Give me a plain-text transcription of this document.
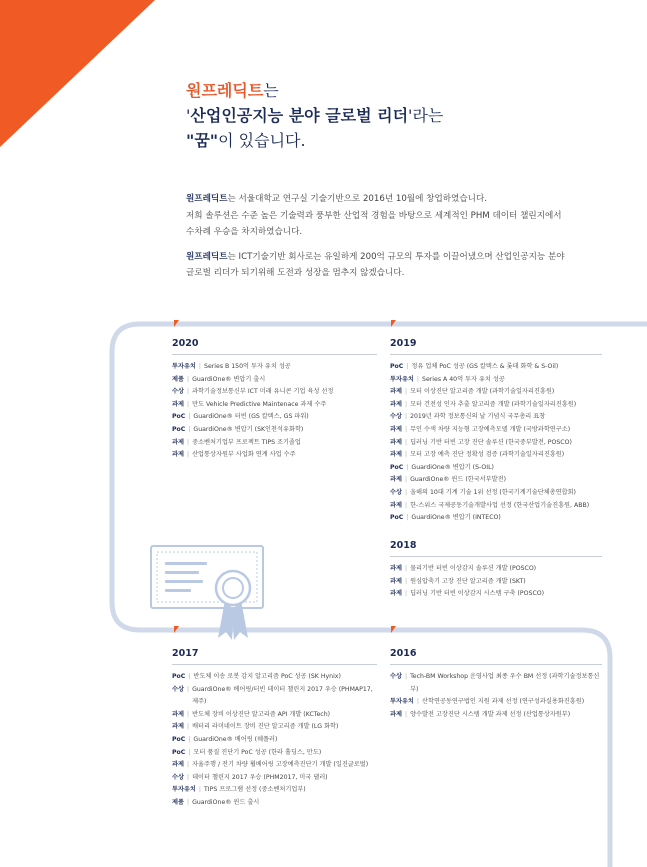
원프레딕트는
'산업인공지능 분야 글로벌 리더'라는
"꿈"이 있습니다.

원프레딕트는 서울대학교 연구실 기술기반으로 2016년 10월에 창업하였습니다.
저희 솔루션은 수준 높은 기술력과 풍부한 산업적 경험을 바탕으로 세계적인 PHM 데이터 챌린지에서
수차례 우승을 차지하였습니다.

원프레딕트는 ICT기술기반 회사로는 유일하게 200억 규모의 투자를 이끌어냈으며 산업인공지능 분야
글로벌 리더가 되기위해 도전과 성장을 멈추지 않겠습니다.

2020
투자유치 | Series B 150억 투자 유치 성공
제품 | GuardiOne® 변압기 출시
수상 | 과학기술정보통신부 ICT 미래 유니콘 기업 육성 선정
과제 | 만도 Vehicle Predictive Maintenace 과제 수주
PoC | GuardiOne® 터빈 (GS 칼텍스, GS 파워)
PoC | GuardiOne® 변압기 (SK인천석유화학)
과제 | 중소벤처기업부 프로젝트 TIPS 조기졸업
과제 | 산업통상자원부 사업화 연계 사업 수주
2019
PoC | 정유 업체 PoC 성공 (GS 칼텍스 & 롯데 화학 & S-Oil)
투자유치 | Series A 40억 투자 유치 성공
과제 | 모터 이상진단 알고리즘 개발 (과학기술일자리진흥원)
과제 | 모터 건전성 인자 추출 알고리즘 개발 (과학기술일자리진흥원)
수상 | 2019년 과학 정보통신의 날 기념식 국무총리 표창
과제 | 무인 수색 차량 지능형 고장예측모델 개발 (국방과학연구소)
과제 | 딥러닝 기반 터빈 고장 진단 솔루션 (한국중부발전, POSCO)
과제 | 모터 고장 예측 진단 정확성 검증 (과학기술일자리진흥원)
PoC | GuardiOne® 변압기 (S-OIL)
과제 | GuardiOne® 윈드 (한국서부발전)
수상 | 올해의 10대 기계 기술 1위 선정 (한국기계기술단체총연합회)
과제 | 한-스위스 국제공동기술개발사업 선정 (한국산업기술진흥원, ABB)
PoC | GuardiOne® 변압기 (INTECO)
2018
과제 | 물리기반 터빈 이상감지 솔루션 개발 (POSCO)
과제 | 원심압축기 고장 진단 알고리즘 개발 (SKT)
과제 | 딥러닝 기반 터빈 이상감지 시스템 구축 (POSCO)
2017
PoC | 반도체 이송 로봇 감지 알고리즘 PoC 성공 (SK Hynix)
수상 | GuardiOne® 베어링/터빈 데이터 챌린지 2017 우승 (PHMAP17, 제주)
과제 | 반도체 장비 이상진단 알고리즘 API 개발 (KCTech)
과제 | 배터리 라미네이트 장비 진단 알고리즘 개발 (LG 화학)
PoC | GuardiOne® 베어링 (쉐플러)
PoC | 모터 품질 진단기 PoC 성공 (한라 홀딩스, 만도)
과제 | 자율주행 / 전기 차량 휠베어링 고장예측진단기 개발 (일진글로벌)
수상 | 데이터 챌린지 2017 우승 (PHM2017, 미국 댈러)
투자유치 | TIPS 프로그램 선정 (중소벤처기업부)
제품 | GuardiOne® 윈드 출시
2016
수상 | Tech-BM Workshop 운영사업 최종 우수 BM 선정 (과학기술정보통신부)
투자유치 | 산학연공동연구법인 지원 과제 선정 (연구성과실용화진흥원)
과제 | 양수발전 고장진단 시스템 개발 과제 선정 (산업통상자원부)
